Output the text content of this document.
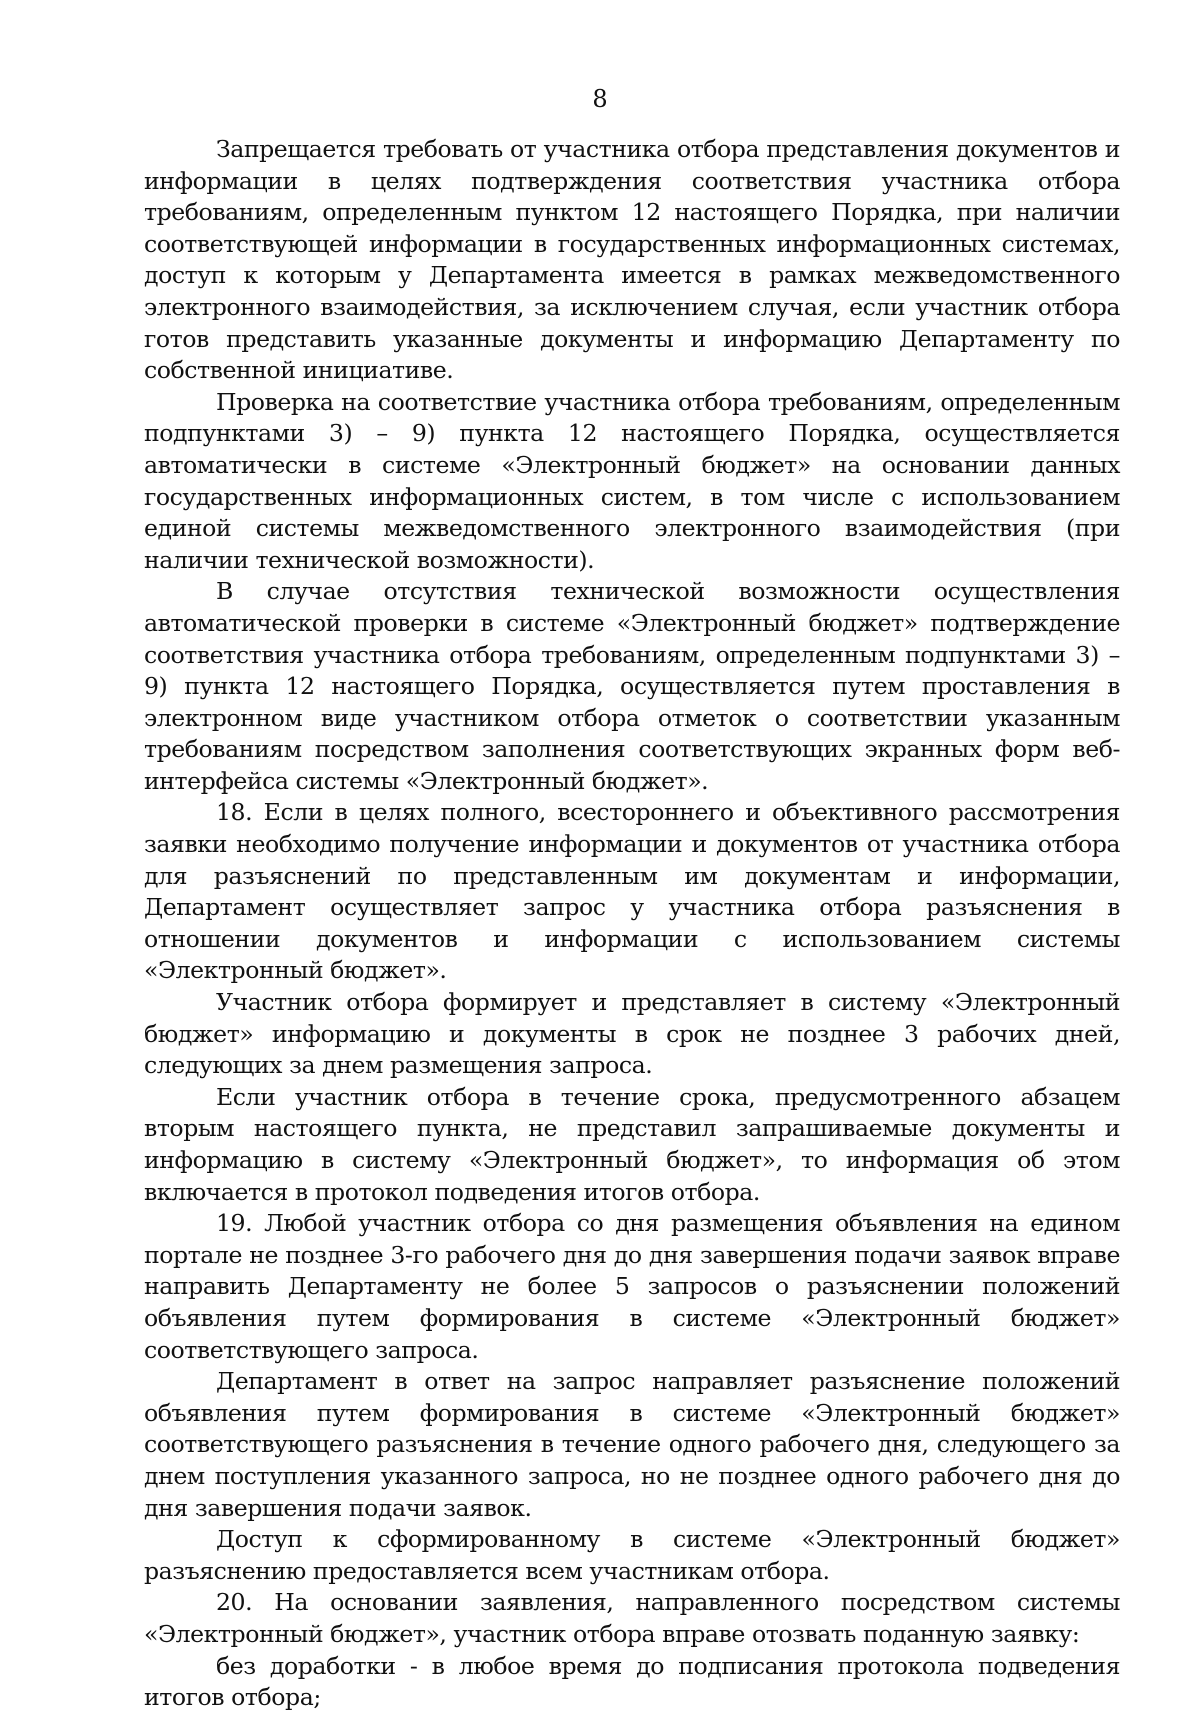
8

Запрещается требовать от участника отбора представления документов и информации в целях подтверждения соответствия участника отбора требованиям, определенным пунктом 12 настоящего Порядка, при наличии соответствующей информации в государственных информационных системах, доступ к которым у Департамента имеется в рамках межведомственного электронного взаимодействия, за исключением случая, если участник отбора готов представить указанные документы и информацию Департаменту по собственной инициативе.

Проверка на соответствие участника отбора требованиям, определенным подпунктами 3) – 9) пункта 12 настоящего Порядка, осуществляется автоматически в системе «Электронный бюджет» на основании данных государственных информационных систем, в том числе с использованием единой системы межведомственного электронного взаимодействия (при наличии технической возможности).

В случае отсутствия технической возможности осуществления автоматической проверки в системе «Электронный бюджет» подтверждение соответствия участника отбора требованиям, определенным подпунктами 3) – 9) пункта 12 настоящего Порядка, осуществляется путем проставления в электронном виде участником отбора отметок о соответствии указанным требованиям посредством заполнения соответствующих экранных форм веб-интерфейса системы «Электронный бюджет».

18. Если в целях полного, всестороннего и объективного рассмотрения заявки необходимо получение информации и документов от участника отбора для разъяснений по представленным им документам и информации, Департамент осуществляет запрос у участника отбора разъяснения в отношении документов и информации с использованием системы «Электронный бюджет».

Участник отбора формирует и представляет в систему «Электронный бюджет» информацию и документы в срок не позднее 3 рабочих дней, следующих за днем размещения запроса.

Если участник отбора в течение срока, предусмотренного абзацем вторым настоящего пункта, не представил запрашиваемые документы и информацию в систему «Электронный бюджет», то информация об этом включается в протокол подведения итогов отбора.

19. Любой участник отбора со дня размещения объявления на едином портале не позднее 3-го рабочего дня до дня завершения подачи заявок вправе направить Департаменту не более 5 запросов о разъяснении положений объявления путем формирования в системе «Электронный бюджет» соответствующего запроса.

Департамент в ответ на запрос направляет разъяснение положений объявления путем формирования в системе «Электронный бюджет» соответствующего разъяснения в течение одного рабочего дня, следующего за днем поступления указанного запроса, но не позднее одного рабочего дня до дня завершения подачи заявок.

Доступ к сформированному в системе «Электронный бюджет» разъяснению предоставляется всем участникам отбора.

20. На основании заявления, направленного посредством системы «Электронный бюджет», участник отбора вправе отозвать поданную заявку:

без доработки - в любое время до подписания протокола подведения итогов отбора;
